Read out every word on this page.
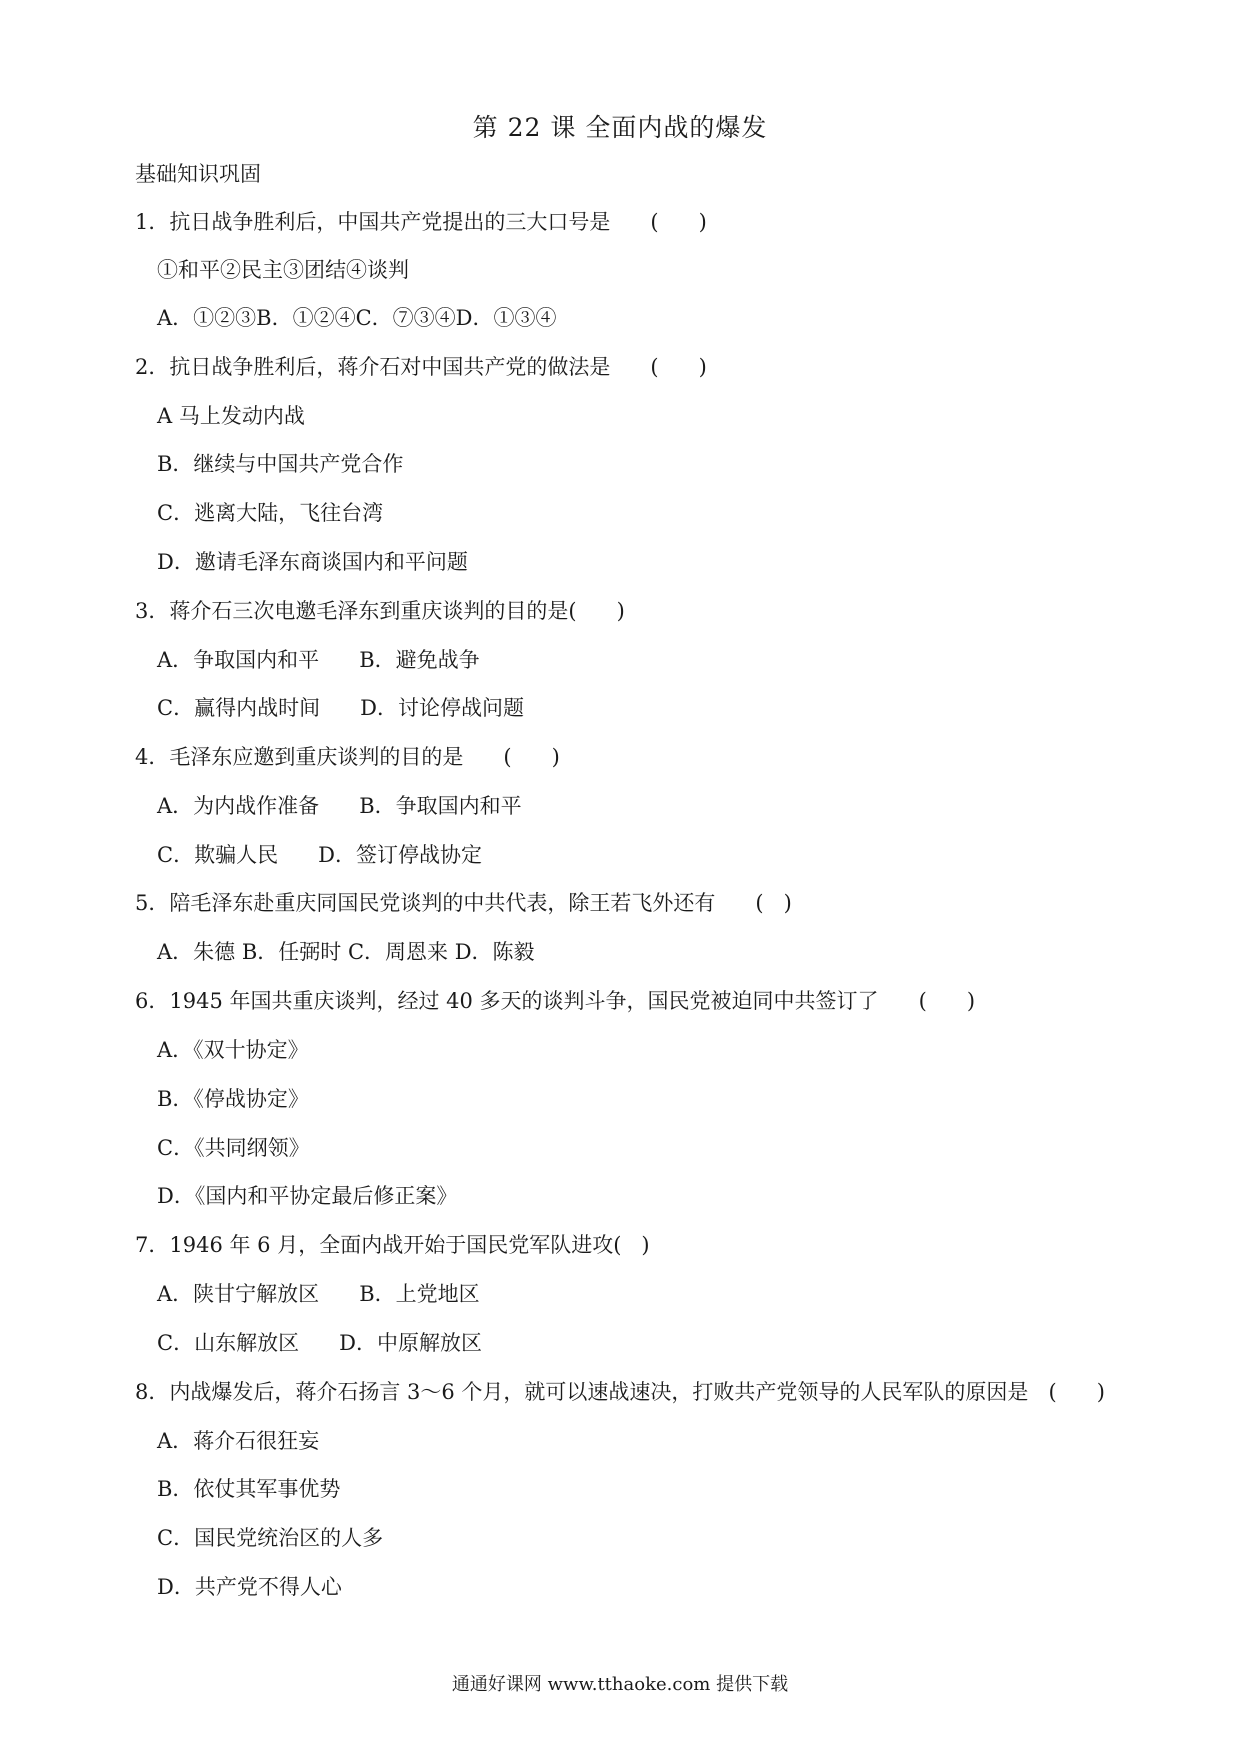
第 22 课 全面内战的爆发
基础知识巩固
1．抗日战争胜利后，中国共产党提出的三大口号是      (      )
①和平②民主③团结④谈判
A．①②③B．①②④C．⑦③④D．①③④
2．抗日战争胜利后，蒋介石对中国共产党的做法是      (      )
A 马上发动内战
B．继续与中国共产党合作
C．逃离大陆，飞往台湾
D．邀请毛泽东商谈国内和平问题
3．蒋介石三次电邀毛泽东到重庆谈判的目的是(      )
A．争取国内和平      B．避免战争
C．赢得内战时间      D．讨论停战问题
4．毛泽东应邀到重庆谈判的目的是      (      )
A．为内战作准备      B．争取国内和平
C．欺骗人民      D．签订停战协定
5．陪毛泽东赴重庆同国民党谈判的中共代表，除王若飞外还有      (   )
A．朱德 B．任弼时 C．周恩来 D．陈毅
6．1945 年国共重庆谈判，经过 40 多天的谈判斗争，国民党被迫同中共签订了      (      )
A．《双十协定》
B．《停战协定》
C．《共同纲领》
D．《国内和平协定最后修正案》
7．1946 年 6 月，全面内战开始于国民党军队进攻(   )
A．陕甘宁解放区      B．上党地区
C．山东解放区      D．中原解放区
8．内战爆发后，蒋介石扬言 3～6 个月，就可以速战速决，打败共产党领导的人民军队的原因是   (      )
A．蒋介石很狂妄
B．依仗其军事优势
C．国民党统治区的人多
D．共产党不得人心
通通好课网 www.tthaoke.com 提供下载
